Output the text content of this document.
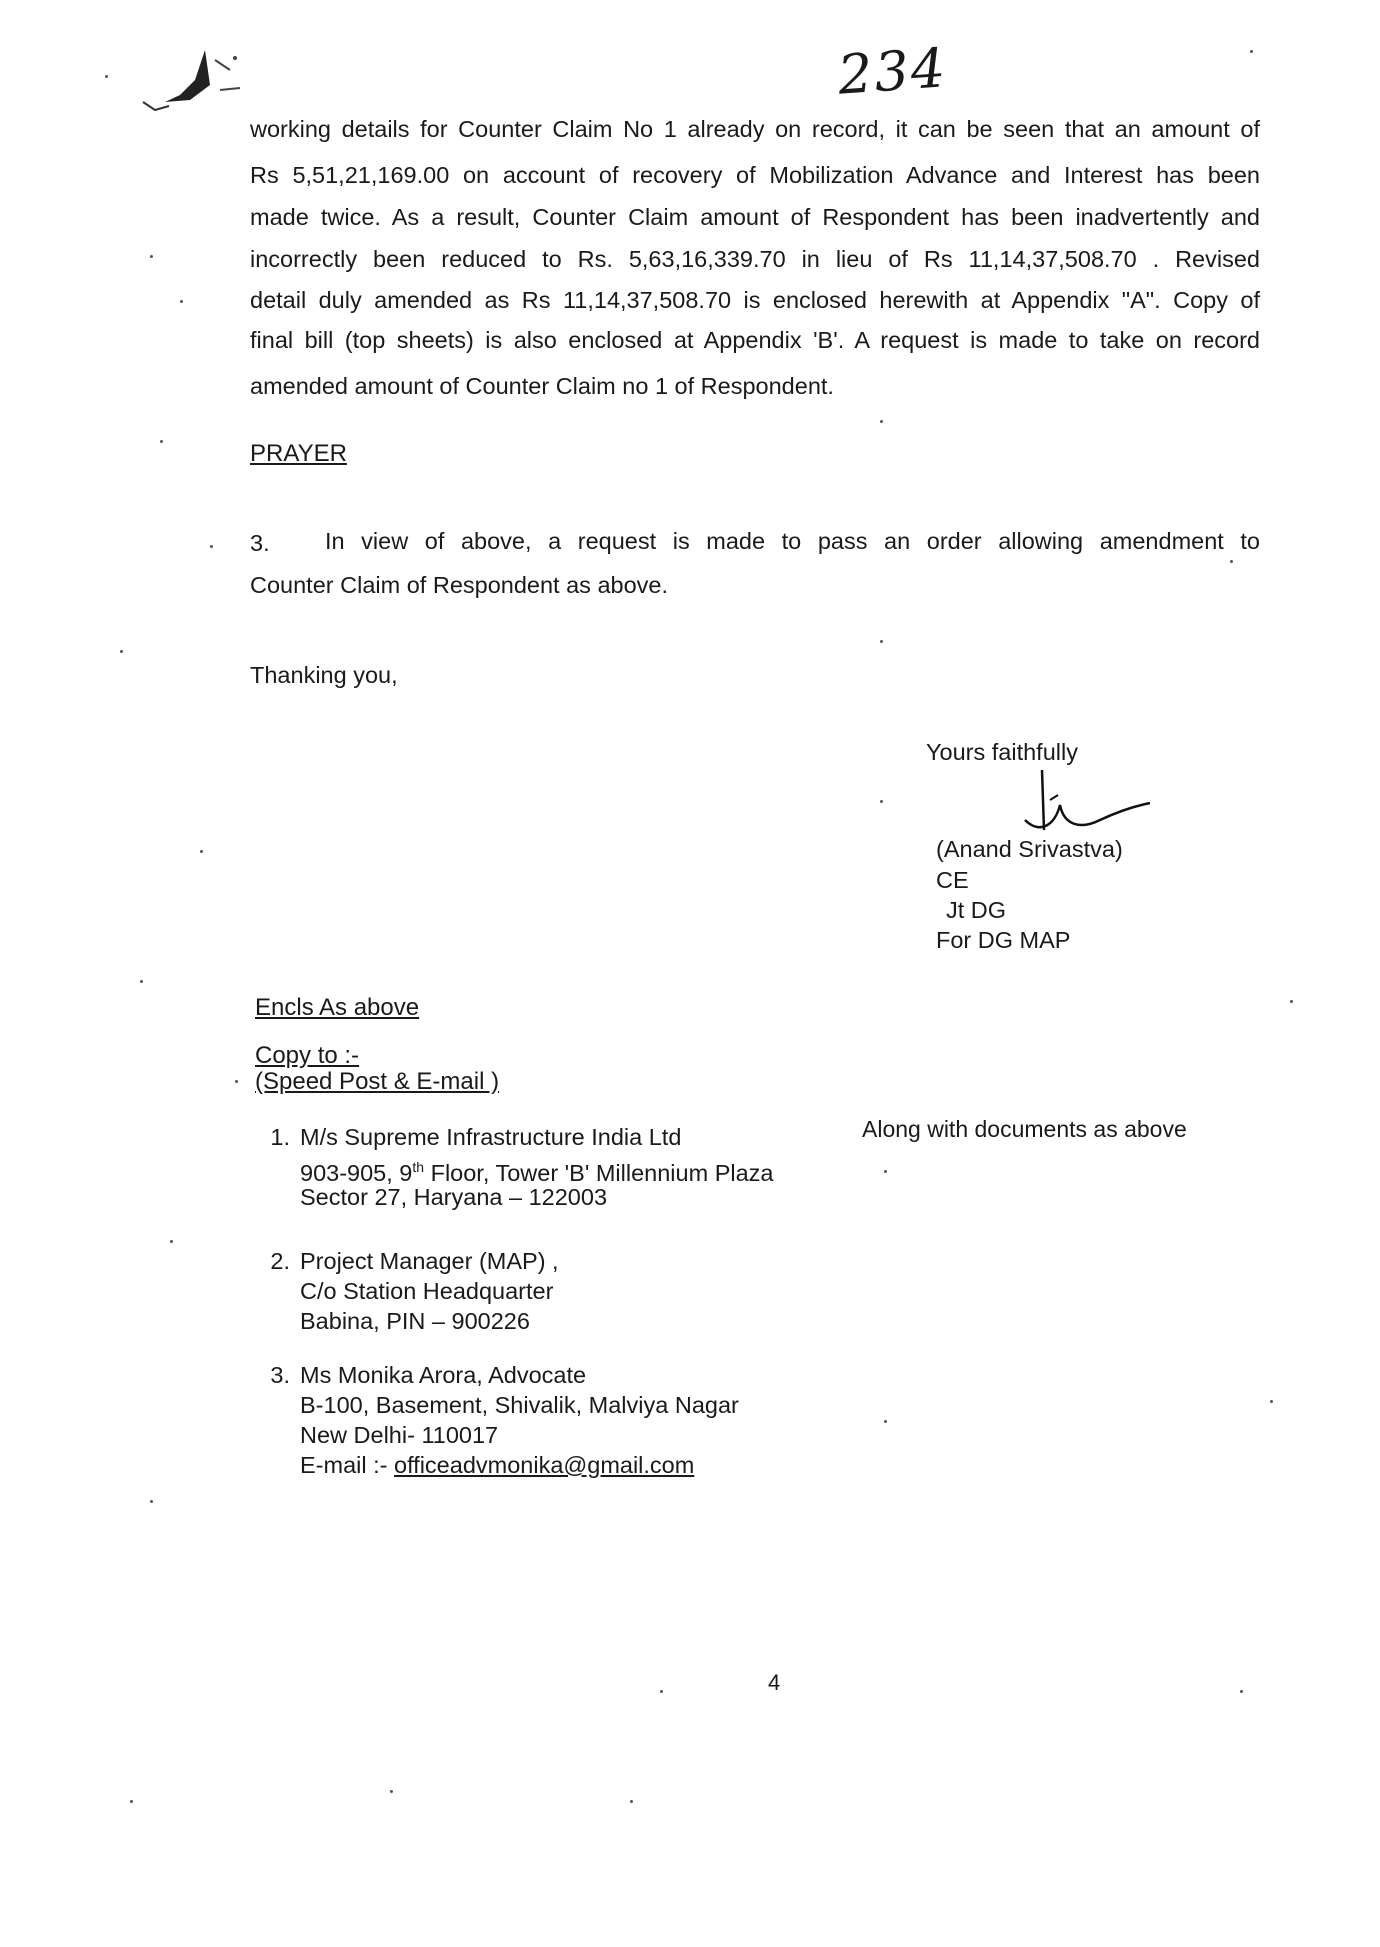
234
working details for Counter Claim No 1 already on record, it can be seen that an amount of
Rs 5,51,21,169.00 on account of recovery of Mobilization Advance and Interest has been
made twice. As a result, Counter Claim amount of Respondent has been inadvertently and
incorrectly been reduced to Rs. 5,63,16,339.70 in lieu of Rs 11,14,37,508.70 . Revised
detail duly amended as Rs 11,14,37,508.70 is enclosed herewith at Appendix "A". Copy of
final bill (top sheets) is also enclosed at Appendix 'B'. A request is made to take on record
amended amount of Counter Claim no 1 of Respondent.
PRAYER
3. In view of above, a request is made to pass an order allowing amendment to
Counter Claim of Respondent as above.
Thanking you,
Yours faithfully
(Anand Srivastva)
CE
Jt DG
For DG MAP
Encls As above
Copy to :-
(Speed Post & E-mail )
Along with documents as above
1. M/s Supreme Infrastructure India Ltd
903-905, 9th Floor, Tower 'B' Millennium Plaza
Sector 27, Haryana – 122003
2. Project Manager (MAP) ,
C/o Station Headquarter
Babina, PIN – 900226
3. Ms Monika Arora, Advocate
B-100, Basement, Shivalik, Malviya Nagar
New Delhi- 110017
E-mail :- officeadvmonika@gmail.com
4
